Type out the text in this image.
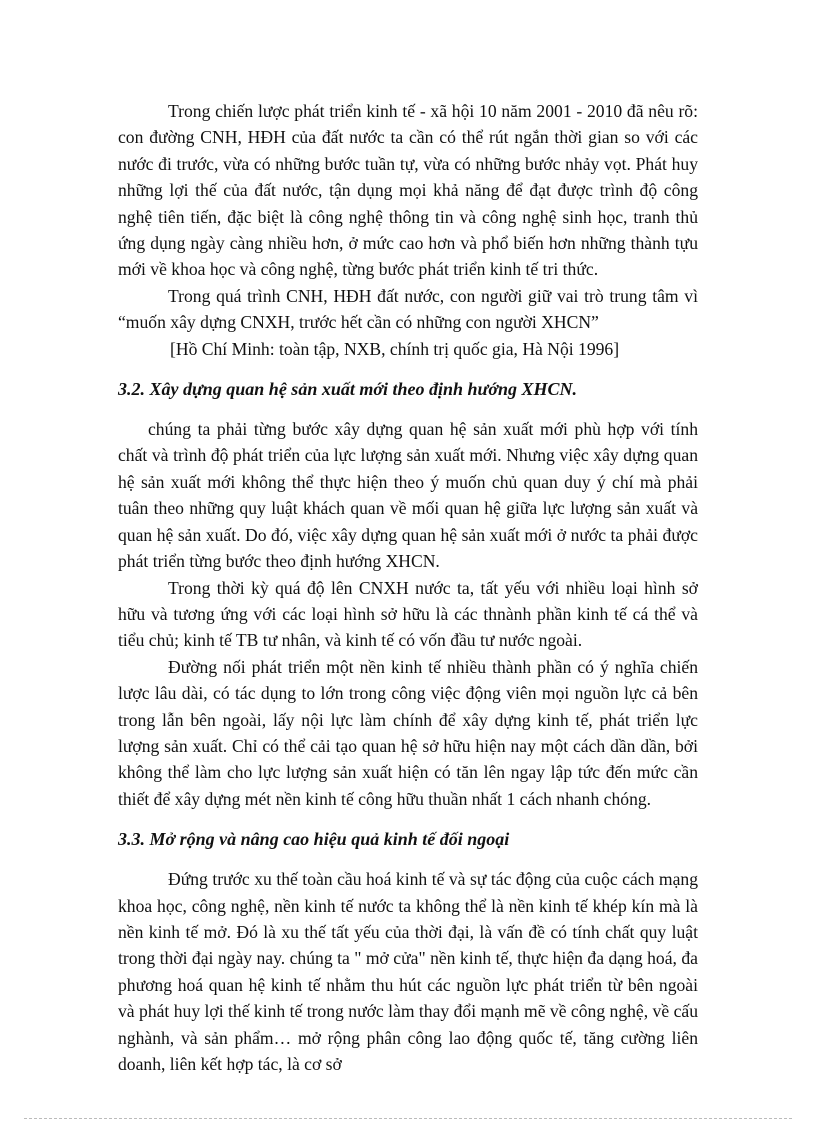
Trong chiến lược phát triển kinh tế - xã hội 10 năm 2001 - 2010 đã nêu rõ: con đường CNH, HĐH của đất nước ta cần có thể rút ngắn thời gian so với các nước đi trước, vừa có những bước tuần tự, vừa có những bước nhảy vọt. Phát huy những lợi thế của đất nước, tận dụng mọi khả năng để đạt được trình độ công nghệ tiên tiến, đặc biệt là công nghệ thông tin và công nghệ sinh học, tranh thủ ứng dụng ngày càng nhiều hơn, ở mức cao hơn và phổ biến hơn những thành tựu mới về khoa học và công nghệ, từng bước phát triển kinh tế tri thức.

Trong quá trình CNH, HĐH đất nước, con người giữ vai trò trung tâm vì “muốn xây dựng CNXH, trước hết cần có những con người XHCN”

[Hồ Chí Minh: toàn tập, NXB, chính trị quốc gia, Hà Nội 1996]

3.2. Xây dựng quan hệ sản xuất mới theo định hướng XHCN.

chúng ta phải từng bước xây dựng quan hệ sản xuất mới phù hợp với tính chất và trình độ phát triển của lực lượng sản xuất mới. Nhưng việc xây dựng quan hệ sản xuất mới không thể thực hiện theo ý muốn chủ quan duy ý chí mà phải tuân theo những quy luật khách quan về mối quan hệ giữa lực lượng sản xuất và quan hệ sản xuất. Do đó, việc xây dựng quan hệ sản xuất mới ở nước ta phải được phát triển từng bước theo định hướng XHCN.

Trong thời kỳ quá độ lên CNXH nước ta, tất yếu với nhiều loại hình sở hữu và tương ứng với các loại hình sở hữu là các thnành phần kinh tế cá thể và tiểu chủ; kinh tế TB tư nhân, và kinh tế có vốn đầu tư nước ngoài.

Đường nối phát triển một nền kinh tế nhiều thành phần có ý nghĩa chiến lược lâu dài, có tác dụng to lớn trong công việc động viên mọi nguồn lực cả bên trong lẫn bên ngoài, lấy nội lực làm chính để xây dựng kinh tế, phát triển lực lượng sản xuất. Chỉ có thể cải tạo quan hệ sở hữu hiện nay một cách dần dần, bởi không thể làm cho lực lượng sản xuất hiện có tăn lên ngay lập tức đến mức cần thiết để xây dựng mét nền kinh tế công hữu thuần nhất 1 cách nhanh chóng.

3.3. Mở rộng và nâng cao hiệu quả kinh tế đối ngoại

Đứng trước xu thế toàn cầu hoá kinh tế và sự tác động của cuộc cách mạng khoa học, công nghệ, nền kinh tế nước ta không thể là nền kinh tế khép kín mà là nền kinh tế mở. Đó là xu thế tất yếu của thời đại, là vấn đề có tính chất quy luật trong thời đại ngày nay. chúng ta " mở cửa" nền kinh tế, thực hiện đa dạng hoá, đa phương hoá quan hệ kinh tế nhằm thu hút các nguồn lực phát triển từ bên ngoài và phát huy lợi thế kinh tế trong nước làm thay đổi mạnh mẽ về công nghệ, về cấu nghành, và sản phẩm… mở rộng phân công lao động quốc tế, tăng cường liên doanh, liên kết hợp tác, là cơ sở
